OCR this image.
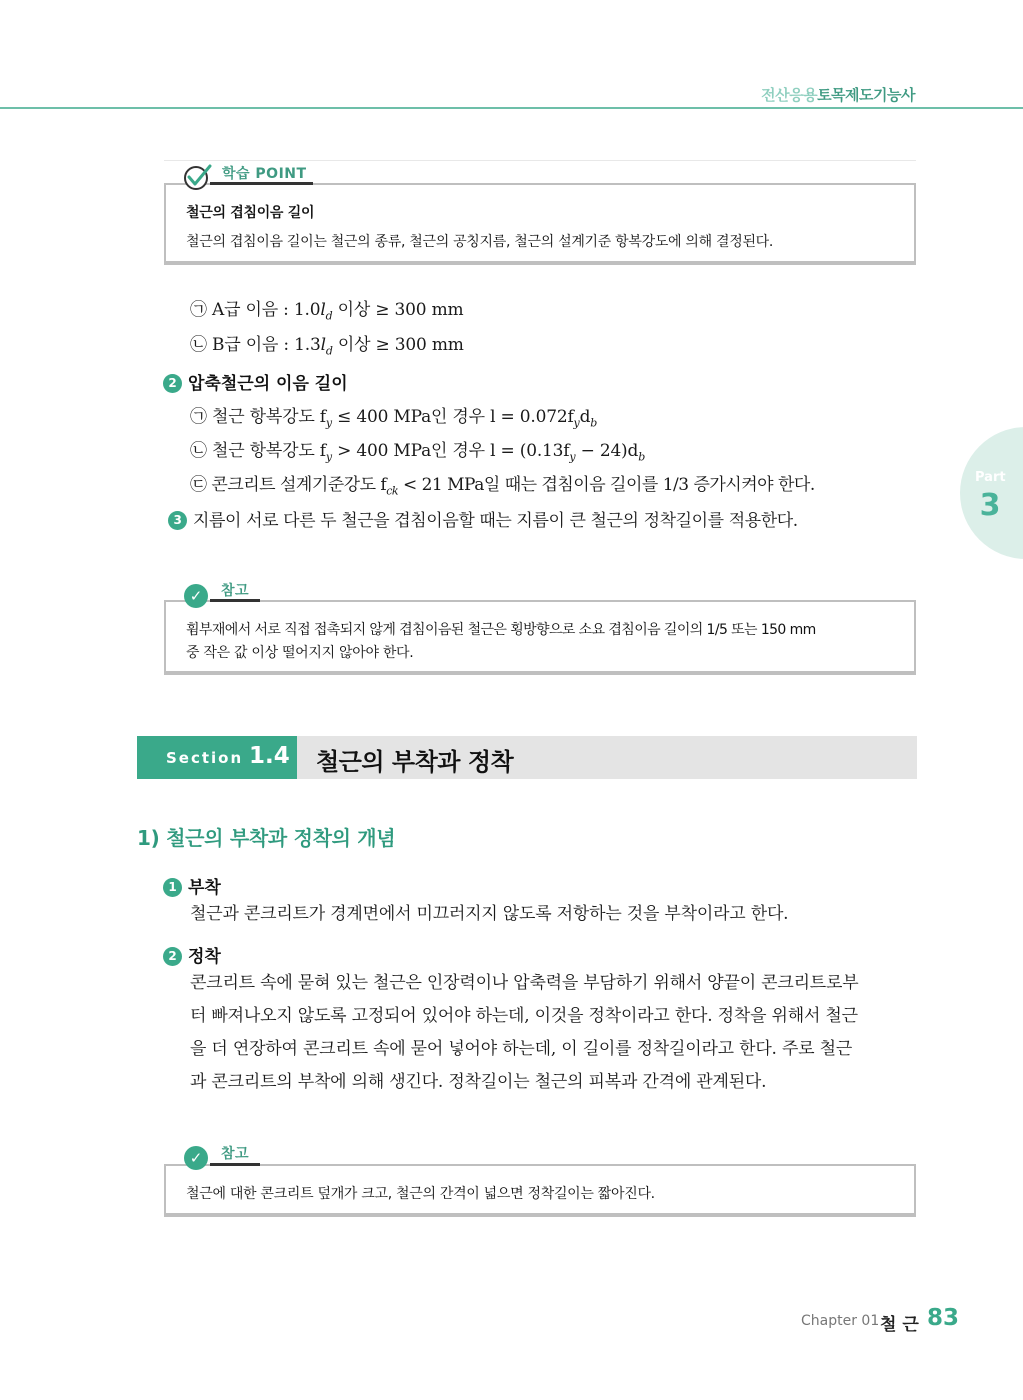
전산응용토목제도기능사
Part
3
학습 POINT
철근의 겹침이음 길이
철근의 겹침이음 길이는 철근의 종류, 철근의 공칭지름, 철근의 설계기준 항복강도에 의해 결정된다.
㉠ A급 이음 : $1.0l_d$ 이상 ≥ 300 mm
㉡ B급 이음 : $1.3l_d$ 이상 ≥ 300 mm
2 압축철근의 이음 길이
㉠ 철근 항복강도 $f_y \le 400$ MPa인 경우 $l = 0.072f_yd_b$
㉡ 철근 항복강도 $f_y > 400$ MPa인 경우 $l = (0.13f_y - 24)d_b$
㉢ 콘크리트 설계기준강도 $f_{ck} < 21$ MPa일 때는 겹침이음 길이를 1/3 증가시켜야 한다.
3 지름이 서로 다른 두 철근을 겹침이음할 때는 지름이 큰 철근의 정착길이를 적용한다.
✓	참고
휨부재에서 서로 직접 접촉되지 않게 겹침이음된 철근은 횡방향으로 소요 겹침이음 길이의 1/5 또는 150 mm
중 작은 값 이상 떨어지지 않아야 한다.
Section 1.4 철근의 부착과 정착
1) 철근의 부착과 정착의 개념
1 부착
철근과 콘크리트가 경계면에서 미끄러지지 않도록 저항하는 것을 부착이라고 한다.
2 정착
콘크리트 속에 묻혀 있는 철근은 인장력이나 압축력을 부담하기 위해서 양끝이 콘크리트로부
터 빠져나오지 않도록 고정되어 있어야 하는데, 이것을 정착이라고 한다. 정착을 위해서 철근
을 더 연장하여 콘크리트 속에 묻어 넣어야 하는데, 이 길이를 정착길이라고 한다. 주로 철근
과 콘크리트의 부착에 의해 생긴다. 정착길이는 철근의 피복과 간격에 관계된다.
✓	참고
철근에 대한 콘크리트 덮개가 크고, 철근의 간격이 넓으면 정착길이는 짧아진다.
Chapter 01 철 근 83
